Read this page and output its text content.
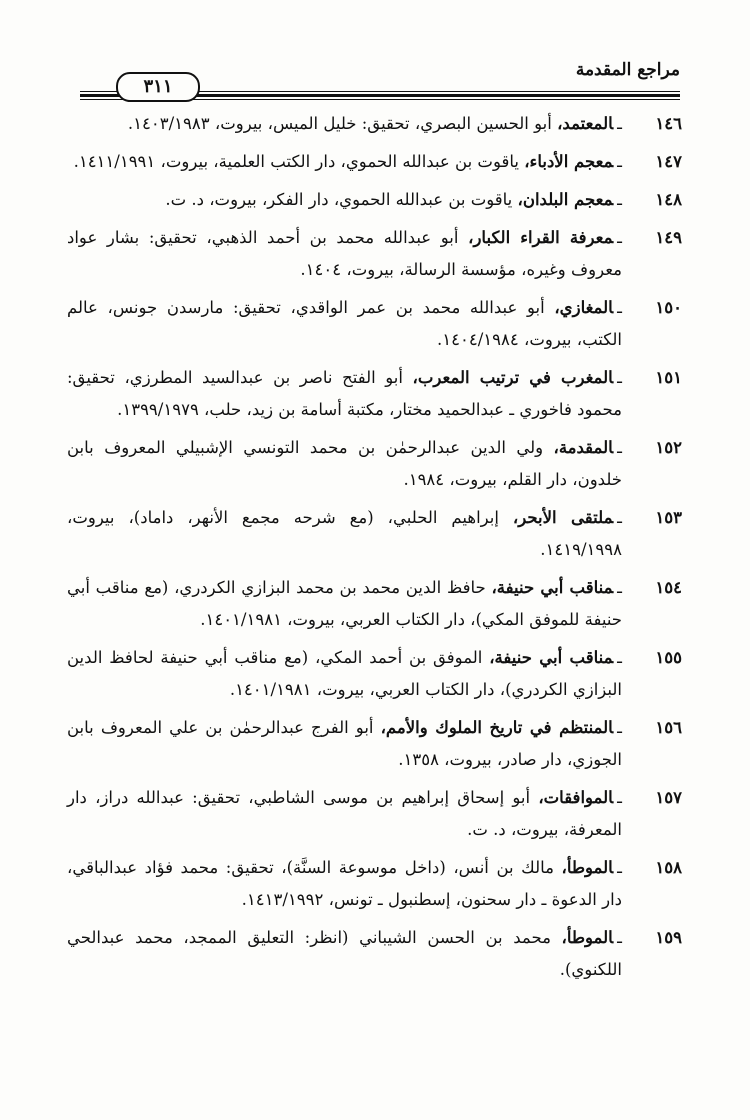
مراجع المقدمة
٣١١
١٤٦
ـالمعتمد، أبو الحسين البصري، تحقيق: خليل الميس، بيروت، ١٤٠٣/١٩٨٣.
١٤٧
ـمعجم الأدباء، ياقوت بن عبدالله الحموي، دار الكتب العلمية، بيروت، ١٤١١/١٩٩١.
١٤٨
ـمعجم البلدان، ياقوت بن عبدالله الحموي، دار الفكر، بيروت، د. ت.
١٤٩
ـمعرفة القراء الكبار، أبو عبدالله محمد بن أحمد الذهبي، تحقيق: بشار عواد معروف وغيره، مؤسسة الرسالة، بيروت، ١٤٠٤.
١٥٠
ـالمغازي، أبو عبدالله محمد بن عمر الواقدي، تحقيق: مارسدن جونس، عالم الكتب، بيروت، ١٤٠٤/١٩٨٤.
١٥١
ـالمغرب في ترتيب المعرب، أبو الفتح ناصر بن عبدالسيد المطرزي، تحقيق: محمود فاخوري ـ عبدالحميد مختار، مكتبة أسامة بن زيد، حلب، ١٣٩٩/١٩٧٩.
١٥٢
ـالمقدمة، ولي الدين عبدالرحمٰن بن محمد التونسي الإشبيلي المعروف بابن خلدون، دار القلم، بيروت، ١٩٨٤.
١٥٣
ـملتقى الأبحر، إبراهيم الحلبي، (مع شرحه مجمع الأنهر، داماد)، بيروت، ١٤١٩/١٩٩٨.
١٥٤
ـمناقب أبي حنيفة، حافظ الدين محمد بن محمد البزازي الكردري، (مع مناقب أبي حنيفة للموفق المكي)، دار الكتاب العربي، بيروت، ١٤٠١/١٩٨١.
١٥٥
ـمناقب أبي حنيفة، الموفق بن أحمد المكي، (مع مناقب أبي حنيفة لحافظ الدين البزازي الكردري)، دار الكتاب العربي، بيروت، ١٤٠١/١٩٨١.
١٥٦
ـالمنتظم في تاريخ الملوك والأمم، أبو الفرج عبدالرحمٰن بن علي المعروف بابن الجوزي، دار صادر، بيروت، ١٣٥٨.
١٥٧
ـالموافقات، أبو إسحاق إبراهيم بن موسى الشاطبي، تحقيق: عبدالله دراز، دار المعرفة، بيروت، د. ت.
١٥٨
ـالموطأ، مالك بن أنس، (داخل موسوعة السنَّة)، تحقيق: محمد فؤاد عبدالباقي، دار الدعوة ـ دار سحنون، إسطنبول ـ تونس، ١٤١٣/١٩٩٢.
١٥٩
ـالموطأ، محمد بن الحسن الشيباني (انظر: التعليق الممجد، محمد عبدالحي اللكنوي).
